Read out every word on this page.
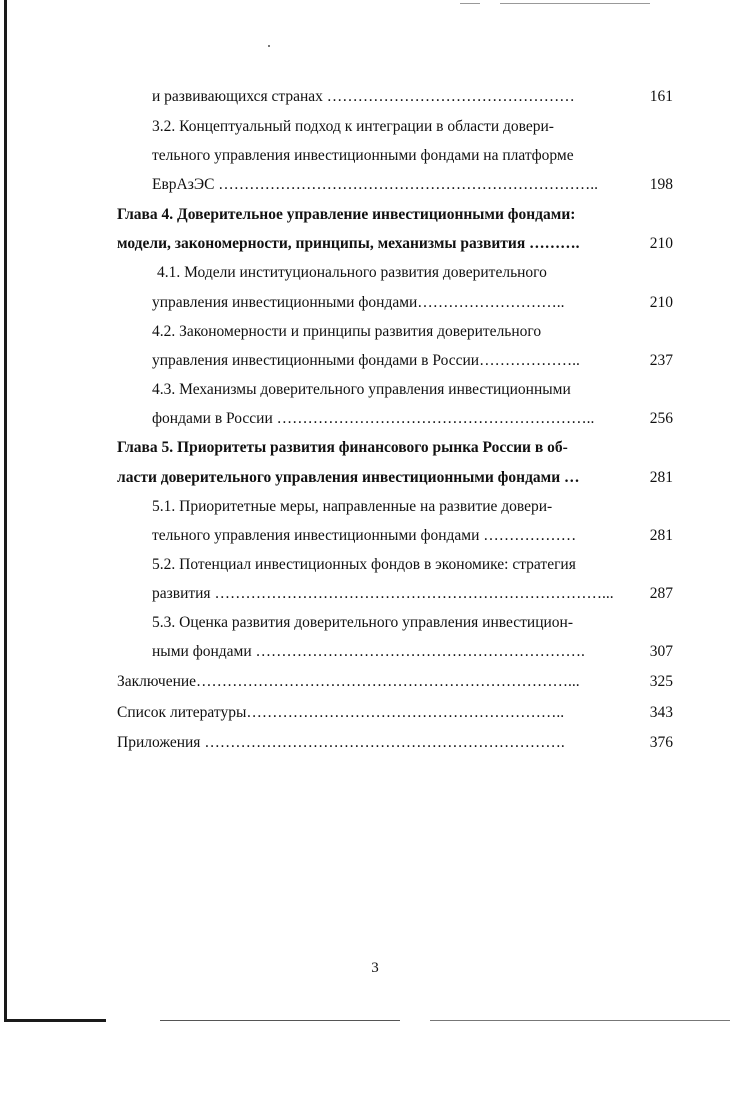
и развивающихся странах …………………………………………	161
3.2. Концептуальный подход к интеграции в области довери-
тельного управления инвестиционными фондами на платформе
ЕврАзЭС ………………………………………………………………..	198
Глава 4. Доверительное управление инвестиционными фондами:
модели, закономерности, принципы, механизмы развития ……….	210
4.1. Модели институционального развития доверительного
управления инвестиционными фондами………………………..	210
4.2. Закономерности и принципы развития доверительного
управления инвестиционными фондами в России………………..	237
4.3. Механизмы доверительного управления инвестиционными
фондами в России ……………………………………………………..	256
Глава 5. Приоритеты развития финансового рынка России в об-
ласти доверительного управления инвестиционными фондами …	281
5.1. Приоритетные меры, направленные на развитие довери-
тельного управления инвестиционными фондами ………………	281
5.2. Потенциал инвестиционных фондов в экономике: стратегия
развития …………………………………………………………………...	287
5.3. Оценка развития доверительного управления инвестицион-
ными фондами ……………………………………………………….	307
Заключение………………………………………………………………...	325
Список литературы……………………………………………………..	343
Приложения …………………………………………………………….	376
3
